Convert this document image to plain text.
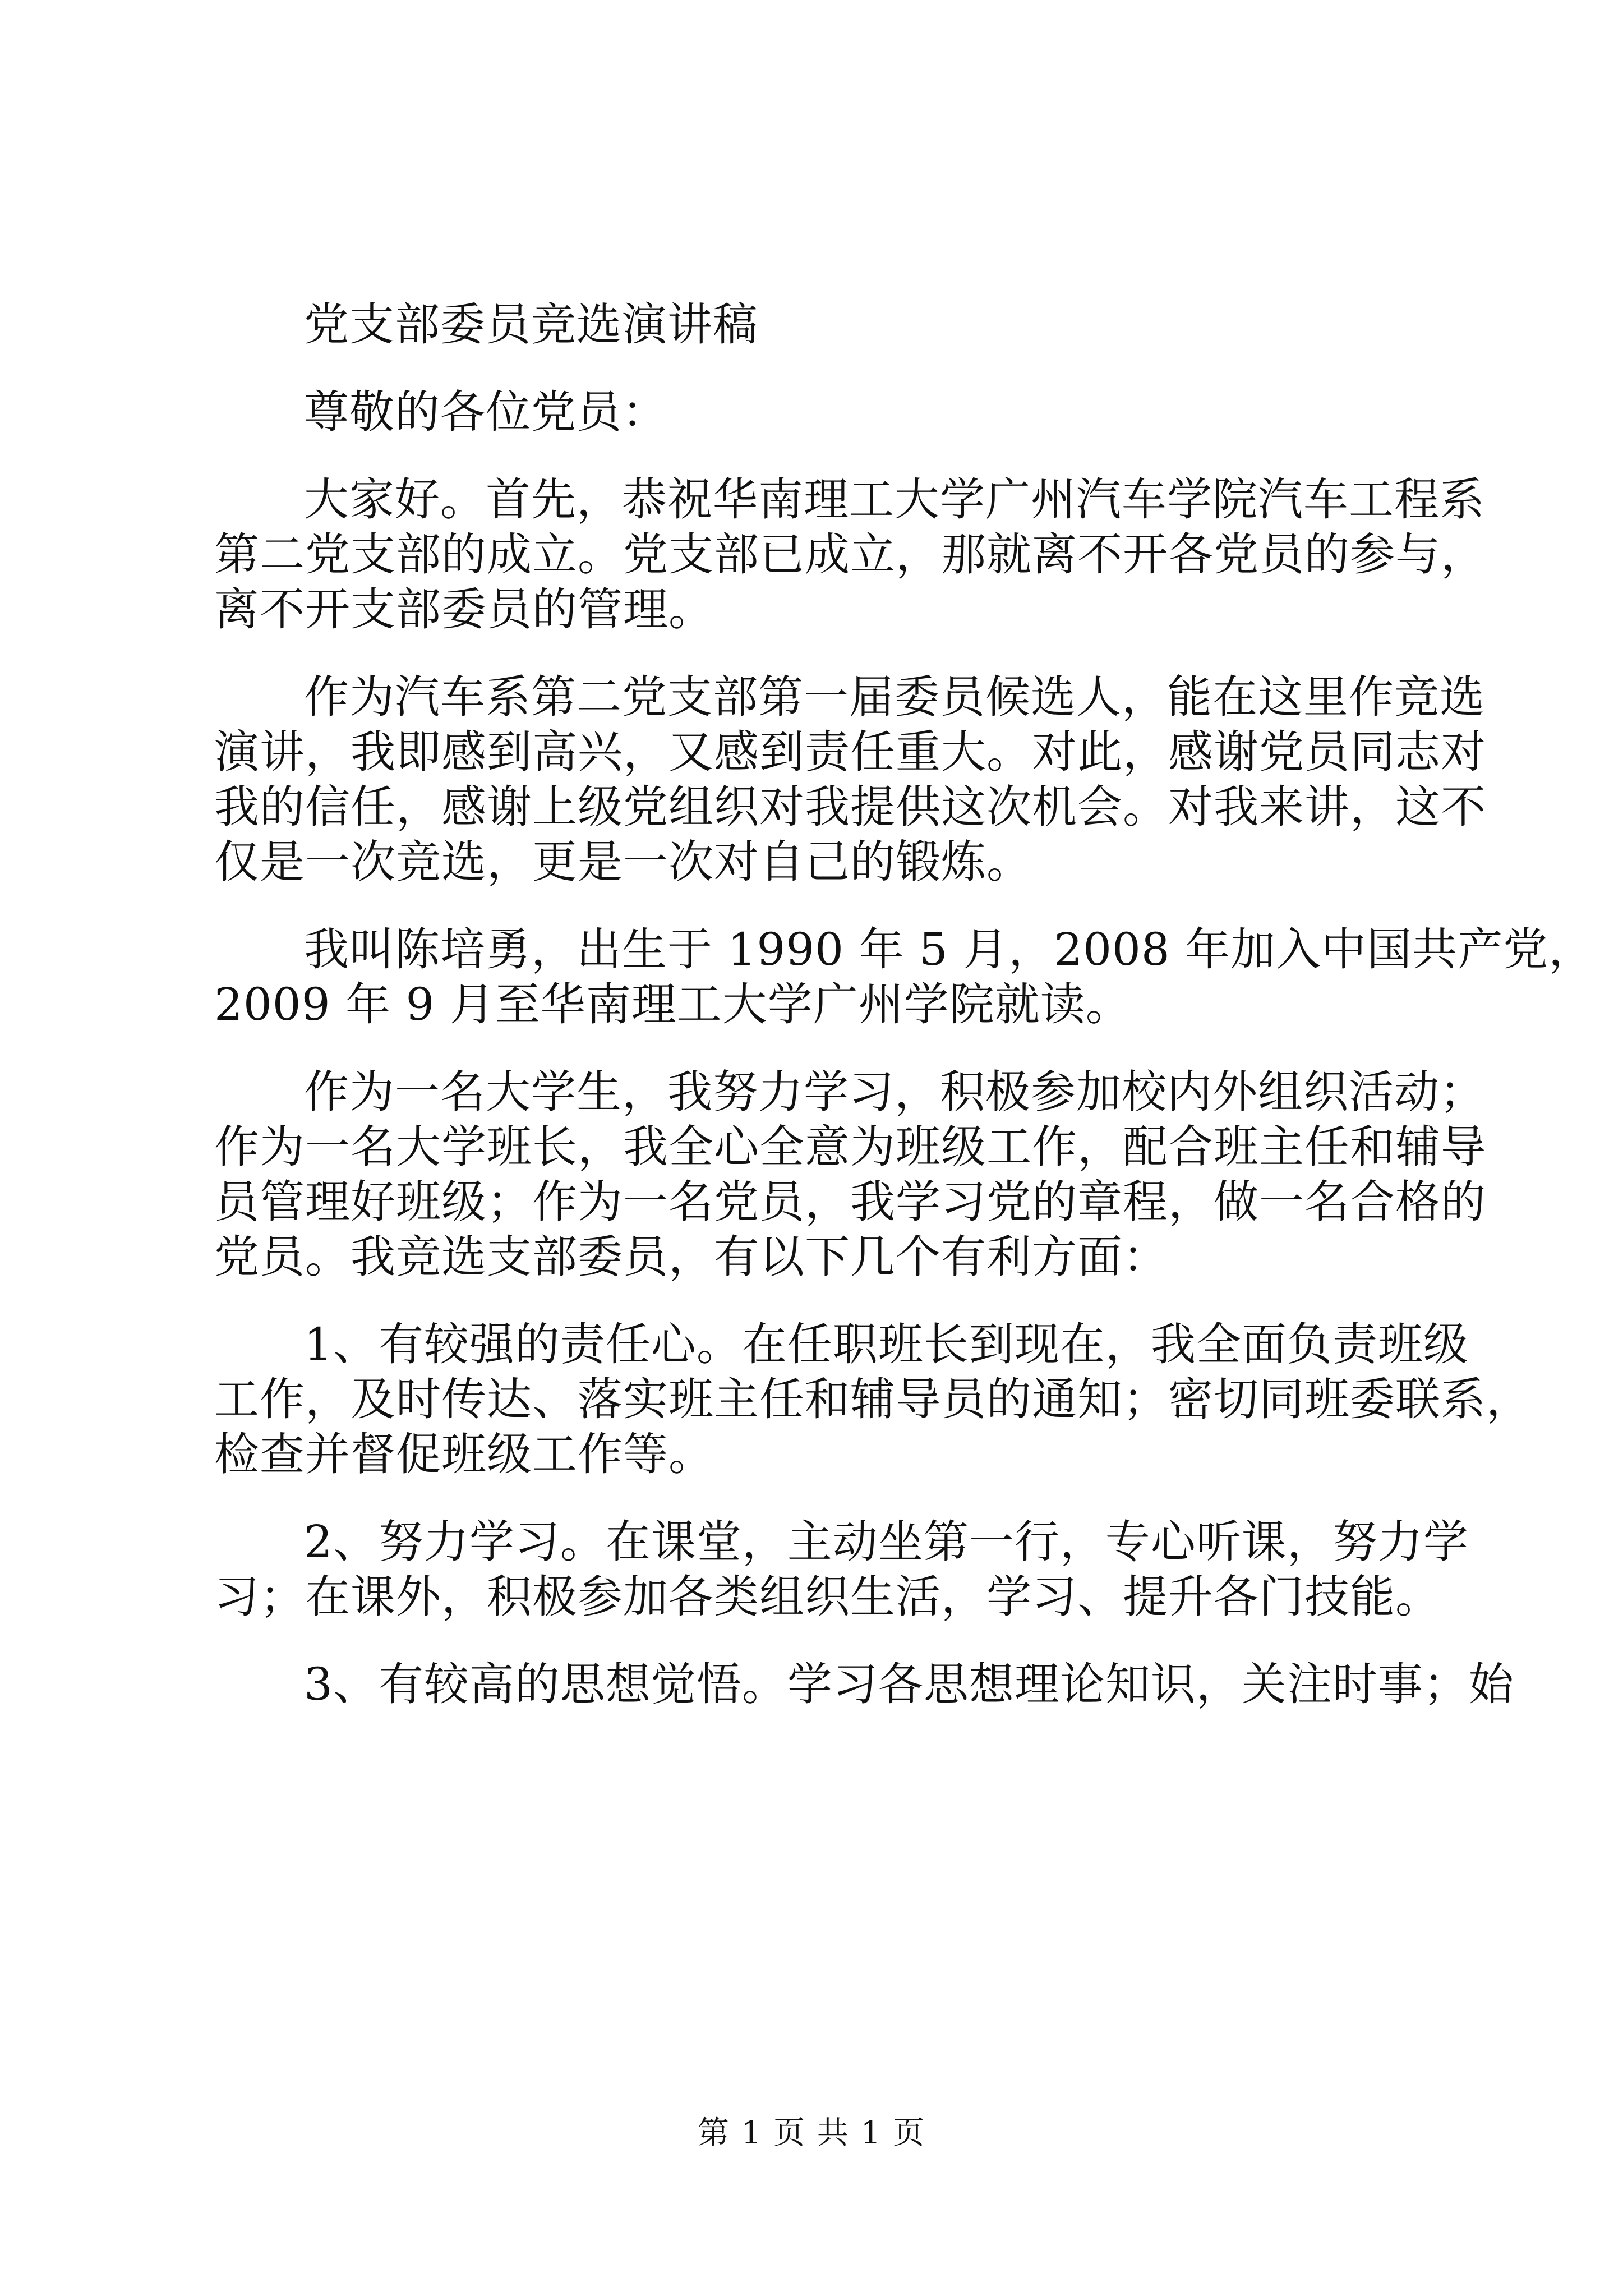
党支部委员竞选演讲稿
尊敬的各位党员：
大家好。首先，恭祝华南理工大学广州汽车学院汽车工程系
第二党支部的成立。党支部已成立，那就离不开各党员的参与，
离不开支部委员的管理。
作为汽车系第二党支部第一届委员候选人，能在这里作竞选
演讲，我即感到高兴，又感到责任重大。对此，感谢党员同志对
我的信任，感谢上级党组织对我提供这次机会。对我来讲，这不
仅是一次竞选，更是一次对自己的锻炼。
我叫陈培勇，出生于 1990 年 5 月，2008 年加入中国共产党，
2009 年 9 月至华南理工大学广州学院就读。
作为一名大学生，我努力学习，积极参加校内外组织活动；
作为一名大学班长，我全心全意为班级工作，配合班主任和辅导
员管理好班级；作为一名党员，我学习党的章程，做一名合格的
党员。我竞选支部委员，有以下几个有利方面：
1、有较强的责任心。在任职班长到现在，我全面负责班级
工作，及时传达、落实班主任和辅导员的通知；密切同班委联系，
检查并督促班级工作等。
2、努力学习。在课堂，主动坐第一行，专心听课，努力学
习；在课外，积极参加各类组织生活，学习、提升各门技能。
3、有较高的思想觉悟。学习各思想理论知识，关注时事；始
第 1 页 共 1 页
